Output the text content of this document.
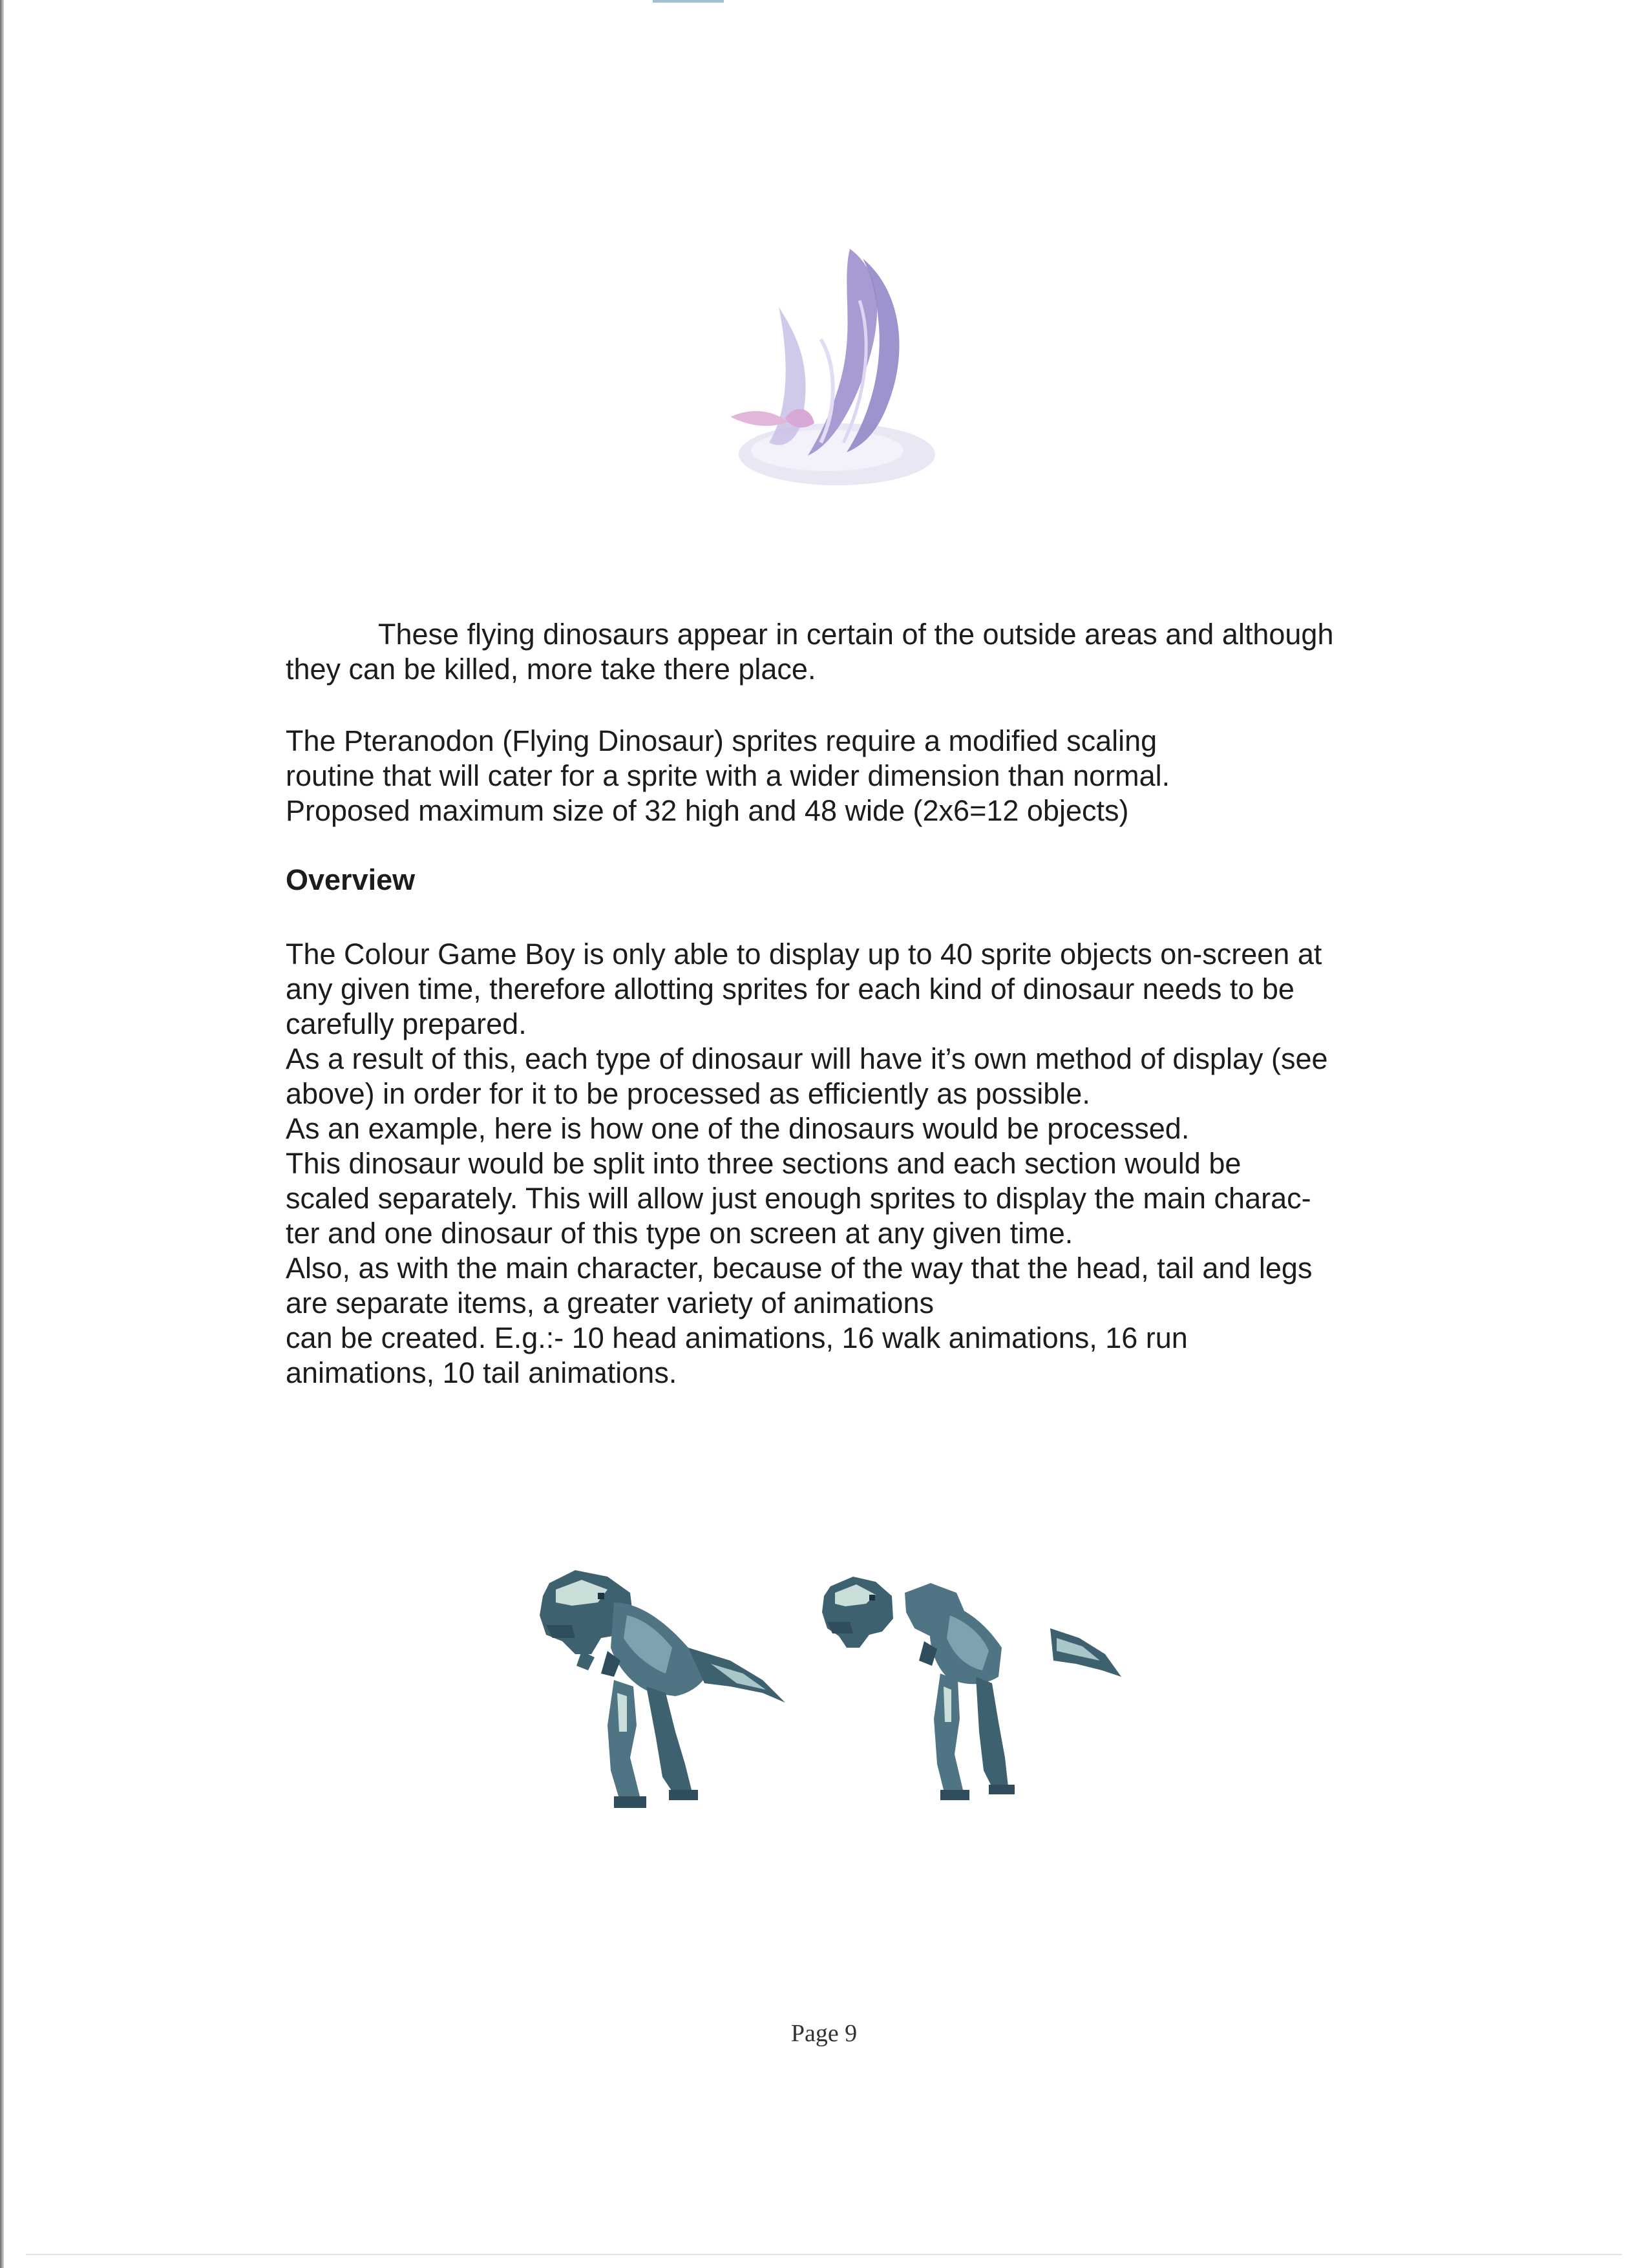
These flying dinosaurs appear in certain of the outside areas and although
they can be killed, more take there place.

The Pteranodon (Flying Dinosaur) sprites require a modified scaling
routine that will cater for a sprite with a wider dimension than normal.
Proposed maximum size of 32 high and 48 wide (2x6=12 objects)

Overview

The Colour Game Boy is only able to display up to 40 sprite objects on-screen at
any given time, therefore allotting sprites for each kind of dinosaur needs to be
carefully prepared.
As a result of this, each type of dinosaur will have it’s own method of display (see
above) in order for it to be processed as efficiently as possible.
As an example, here is how one of the dinosaurs would be processed.
This dinosaur would be split into three sections and each section would be
scaled separately. This will allow just enough sprites to display the main charac-
ter and one dinosaur of this type on screen at any given time.
Also, as with the main character, because of the way that the head, tail and legs
are separate items, a greater variety of animations
can be created. E.g.:- 10 head animations, 16 walk animations, 16 run
animations, 10 tail animations.

Page 9
